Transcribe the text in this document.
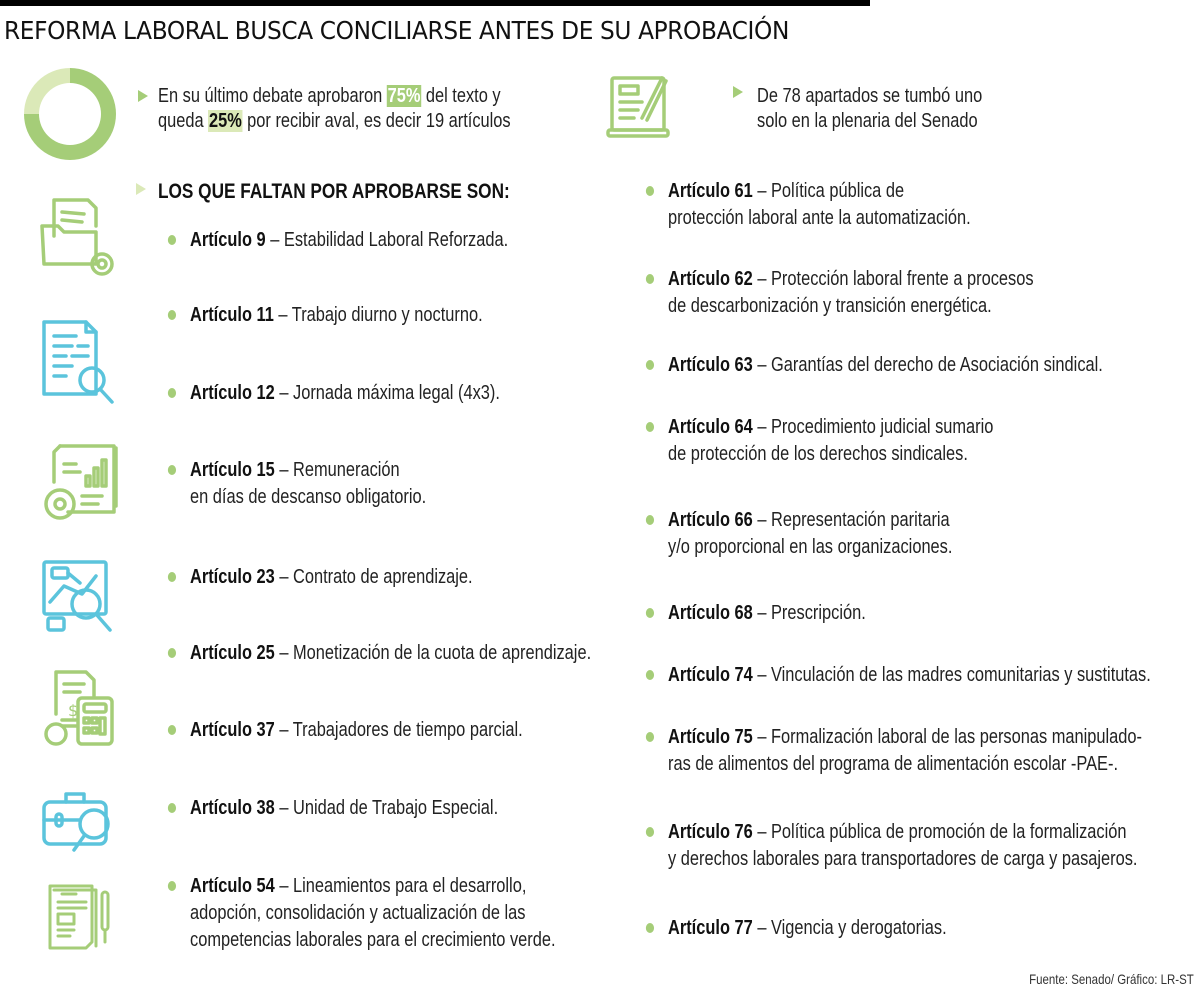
REFORMA LABORAL BUSCA CONCILIARSE ANTES DE SU APROBACIÓN
En su último debate aprobaron 75% del texto y
queda 25% por recibir aval, es decir 19 artículos
De 78 apartados se tumbó uno
solo en la plenaria del Senado
LOS QUE FALTAN POR APROBARSE SON:
$
Artículo 9 – Estabilidad Laboral Reforzada.
Artículo 11 – Trabajo diurno y nocturno.
Artículo 12 – Jornada máxima legal (4x3).
Artículo 15 – Remuneración
en días de descanso obligatorio.
Artículo 23 – Contrato de aprendizaje.
Artículo 25 – Monetización de la cuota de aprendizaje.
Artículo 37 – Trabajadores de tiempo parcial.
Artículo 38 – Unidad de Trabajo Especial.
Artículo 54 – Lineamientos para el desarrollo,
adopción, consolidación y actualización de las
competencias laborales para el crecimiento verde.
Artículo 61 – Política pública de
protección laboral ante la automatización.
Artículo 62 – Protección laboral frente a procesos
de descarbonización y transición energética.
Artículo 63 – Garantías del derecho de Asociación sindical.
Artículo 64 – Procedimiento judicial sumario
de protección de los derechos sindicales.
Artículo 66 – Representación paritaria
y/o proporcional en las organizaciones.
Artículo 68 – Prescripción.
Artículo 74 – Vinculación de las madres comunitarias y sustitutas.
Artículo 75 – Formalización laboral de las personas manipulado-
ras de alimentos del programa de alimentación escolar -PAE-.
Artículo 76 – Política pública de promoción de la formalización
y derechos laborales para transportadores de carga y pasajeros.
Artículo 77 – Vigencia y derogatorias.
Fuente: Senado/ Gráfico: LR-ST
